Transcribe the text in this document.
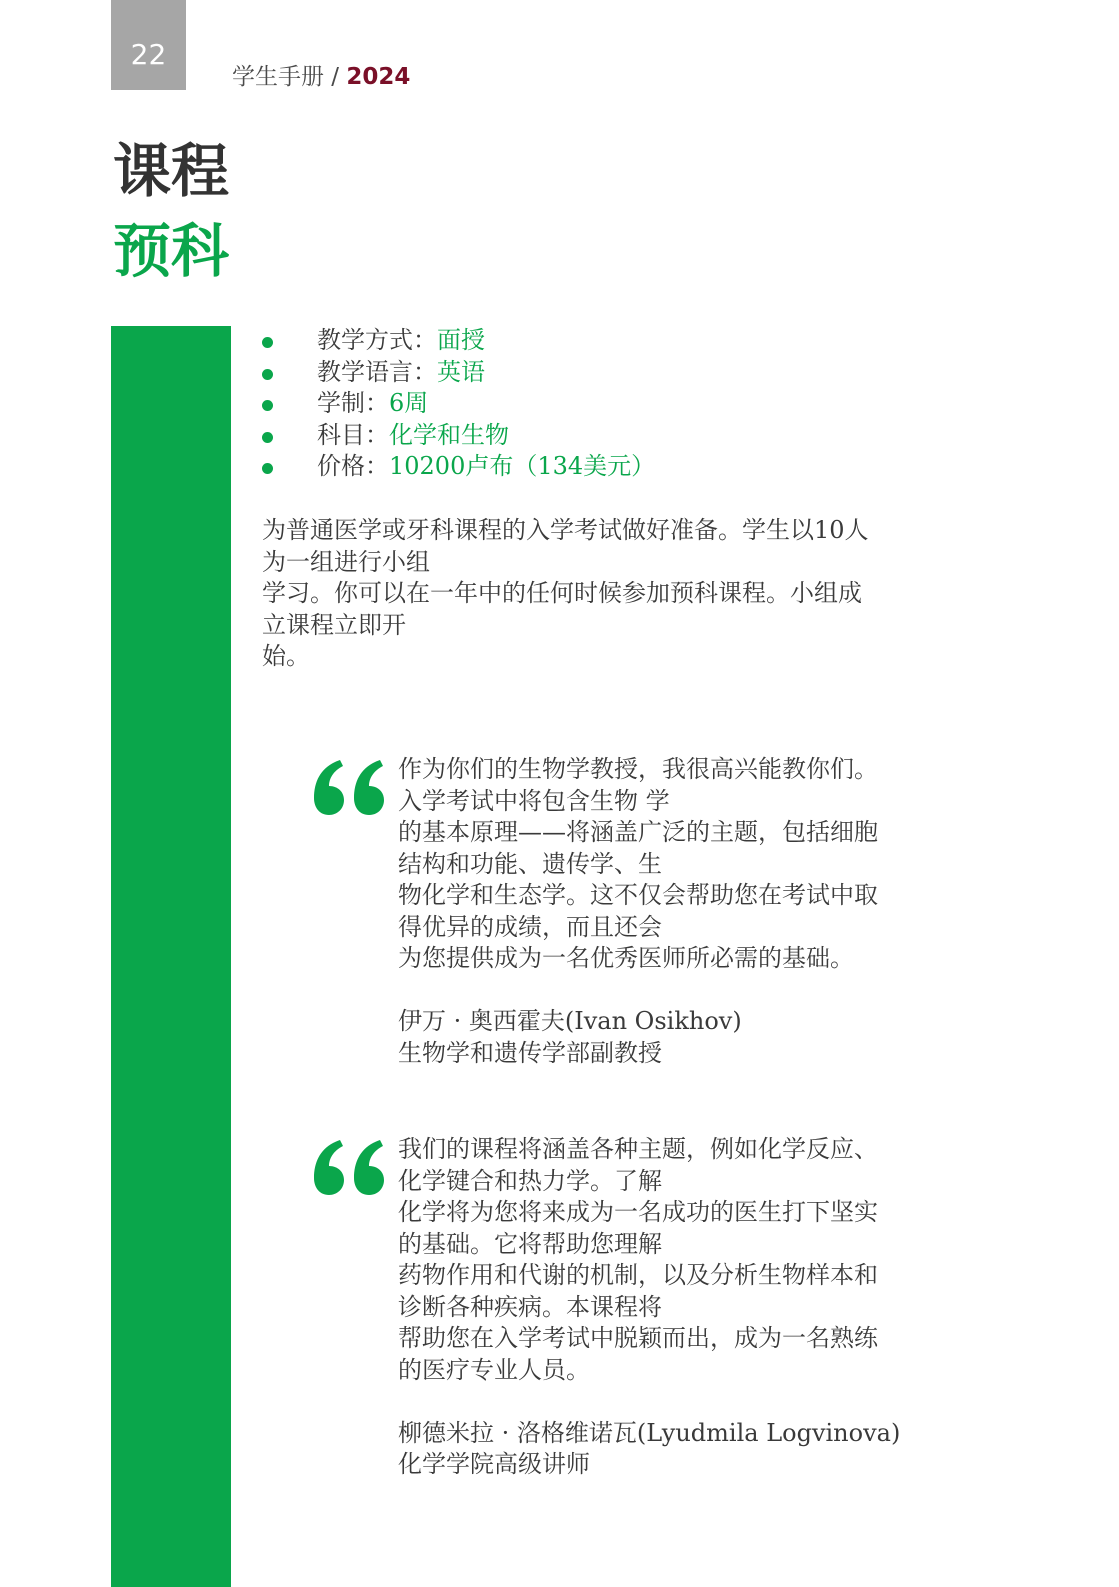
22
学生手册 / 2024
课程
预科
教学方式：面授
教学语言：英语
学制：6周
科目：化学和生物
价格：10200卢布（134美元）

为普通医学或牙科课程的入学考试做好准备。学生以10人

为一组进行小组

学习。你可以在一年中的任何时候参加预科课程。小组成

立课程立即开

始。

作为你们的生物学教授，我很高兴能教你们。

入学考试中将包含生物 学

的基本原理——将涵盖广泛的主题，包括细胞

结构和功能、遗传学、生

物化学和生态学。这不仅会帮助您在考试中取

得优异的成绩，而且还会

为您提供成为一名优秀医师所必需的基础。

伊万 · 奥西霍夫(Ivan Osikhov)

生物学和遗传学部副教授

我们的课程将涵盖各种主题，例如化学反应、

化学键合和热力学。了解

化学将为您将来成为一名成功的医生打下坚实

的基础。它将帮助您理解

药物作用和代谢的机制，以及分析生物样本和

诊断各种疾病。本课程将

帮助您在入学考试中脱颖而出，成为一名熟练

的医疗专业人员。

柳德米拉 · 洛格维诺瓦(Lyudmila Logvinova)

化学学院高级讲师
